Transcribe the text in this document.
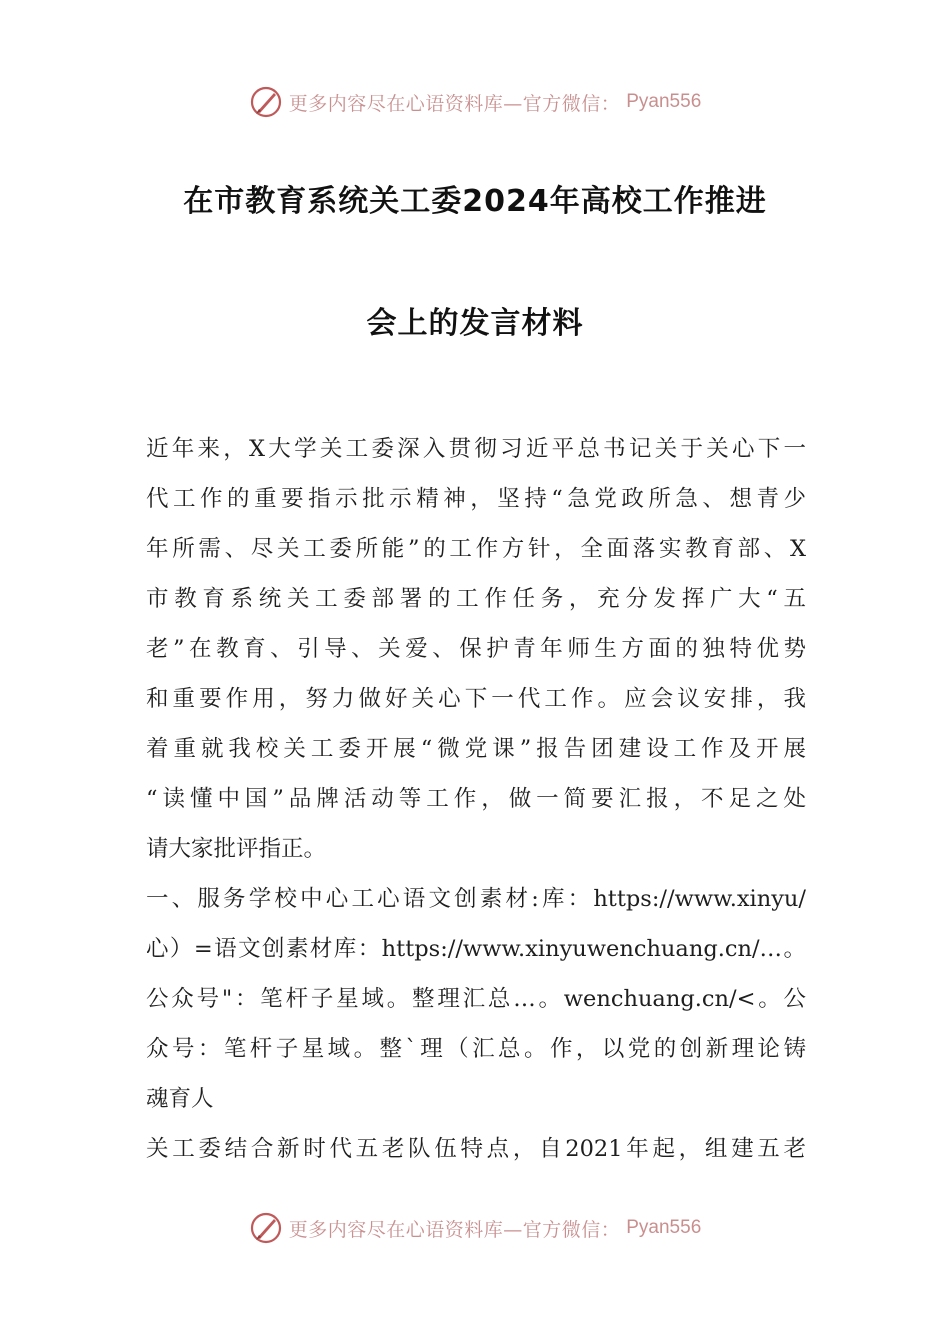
更多内容尽在心语资料库—官方微信： Pyan556
在市教育系统关工委2024年高校工作推进
会上的发言材料
近年来，X大学关工委深入贯彻习近平总书记关于关心下一
代工作的重要指示批示精神，坚持“急党政所急、想青少
年所需、尽关工委所能”的工作方针，全面落实教育部、X
市教育系统关工委部署的工作任务，充分发挥广大“五
老”在教育、引导、关爱、保护青年师生方面的独特优势
和重要作用，努力做好关心下一代工作。应会议安排，我
着重就我校关工委开展“微党课”报告团建设工作及开展
“读懂中国”品牌活动等工作，做一简要汇报，不足之处
请大家批评指正。
一、服务学校中心工心语文创素材:库：https://www.xinyu/
心）=语文创素材库：https://www.xinyuwenchuang.cn/…。
公众号"：笔杆子星域。整理汇总…。wenchuang.cn/<。公
众号：笔杆子星域。整`理（汇总。作，以党的创新理论铸
魂育人
关工委结合新时代五老队伍特点，自2021年起，组建五老
更多内容尽在心语资料库—官方微信： Pyan556
